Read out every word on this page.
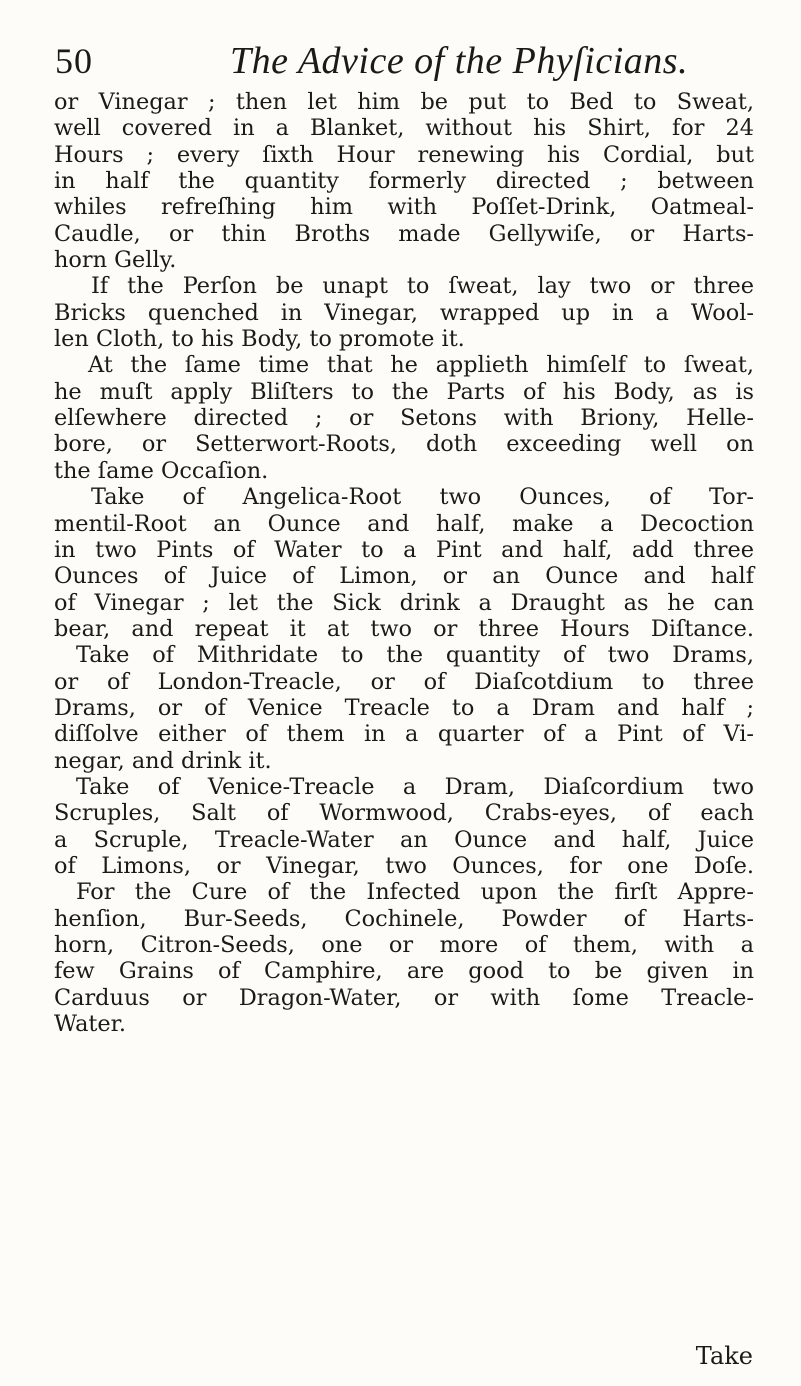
50	The Advice of the Phyſicians.
or Vinegar ; then let him be put to Bed to Sweat,
well covered in a Blanket, without his Shirt, for 24
Hours ; every ſixth Hour renewing his Cordial, but
in half the quantity formerly directed ; between
whiles refreſhing him with Poſſet-Drink, Oatmeal-
Caudle, or thin Broths made Gellywiſe, or Harts-
horn Gelly.
If the Perſon be unapt to ſweat, lay two or three
Bricks quenched in Vinegar, wrapped up in a Wool-
len Cloth, to his Body, to promote it.
At the ſame time that he applieth himſelf to ſweat,
he muſt apply Bliſters to the Parts of his Body, as is
elſewhere directed ; or Setons with Briony, Helle-
bore, or Setterwort-Roots, doth exceeding well on
the ſame Occaſion.
Take of Angelica-Root two Ounces, of Tor-
mentil-Root an Ounce and half, make a Decoction
in two Pints of Water to a Pint and half, add three
Ounces of Juice of Limon, or an Ounce and half
of Vinegar ; let the Sick drink a Draught as he can
bear, and repeat it at two or three Hours Diſtance.
Take of Mithridate to the quantity of two Drams,
or of London-Treacle, or of Diaſcotdium to three
Drams, or of Venice Treacle to a Dram and half ;
diſſolve either of them in a quarter of a Pint of Vi-
negar, and drink it.
Take of Venice-Treacle a Dram, Diaſcordium two
Scruples, Salt of Wormwood, Crabs-eyes, of each
a Scruple, Treacle-Water an Ounce and half, Juice
of Limons, or Vinegar, two Ounces, for one Doſe.
For the Cure of the Infected upon the firſt Appre-
henſion, Bur-Seeds, Cochinele, Powder of Harts-
horn, Citron-Seeds, one or more of them, with a
few Grains of Camphire, are good to be given in
Carduus or Dragon-Water, or with ſome Treacle-
Water.
Take
